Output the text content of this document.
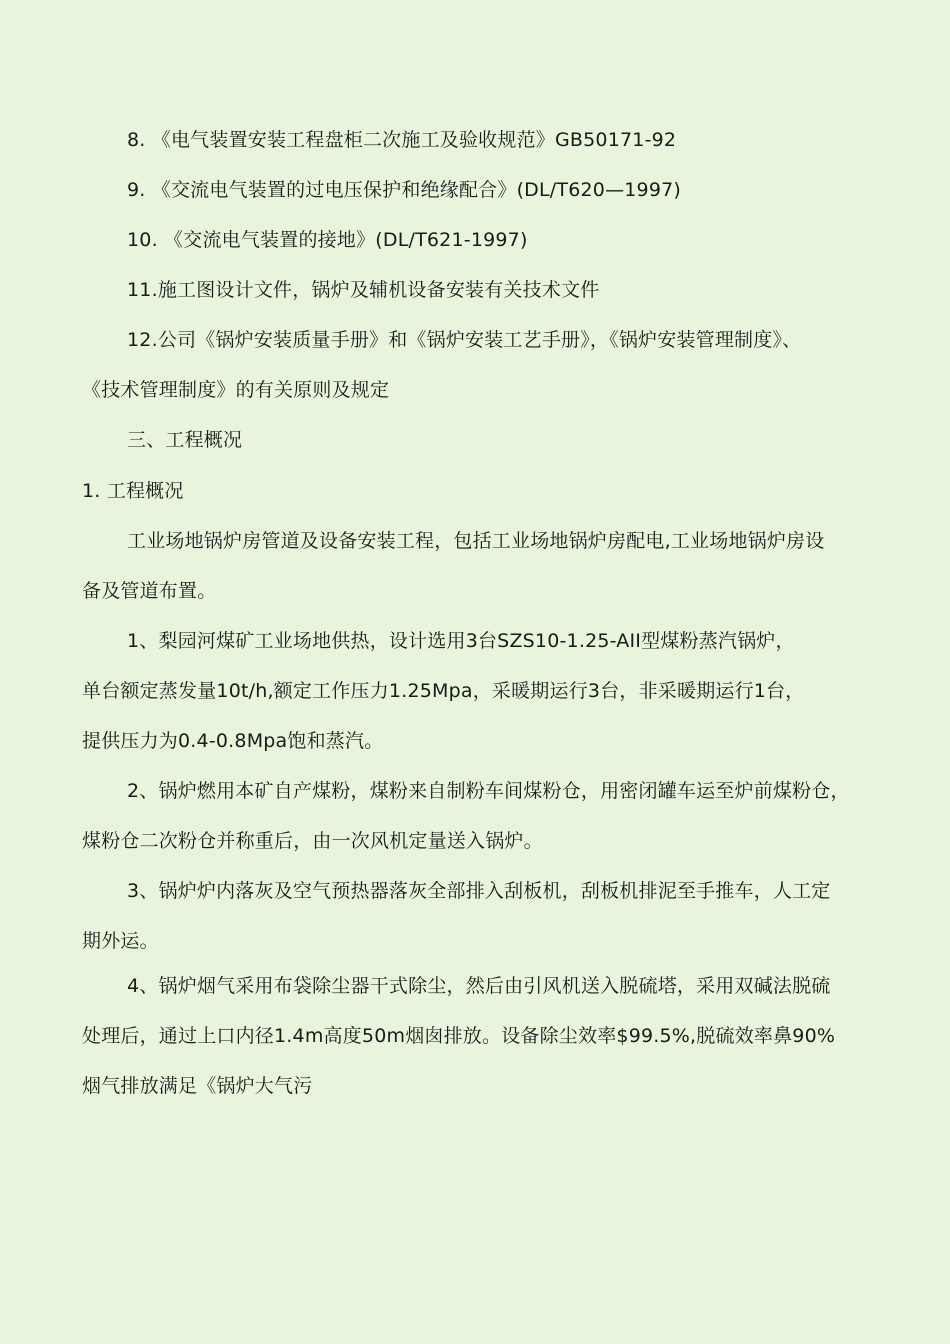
8. 《电气装置安装工程盘柜二次施工及验收规范》GB50171-92
9. 《交流电气装置的过电压保护和绝缘配合》(DL/T620—1997)
10. 《交流电气装置的接地》(DL/T621-1997)
11.施工图设计文件，锅炉及辅机设备安装有关技术文件
12.公司《锅炉安装质量手册》和《锅炉安装工艺手册》，《锅炉安装管理制度》、
《技术管理制度》的有关原则及规定
三、工程概况
1. 工程概况
工业场地锅炉房管道及设备安装工程，包括工业场地锅炉房配电,工业场地锅炉房设
备及管道布置。
1、梨园河煤矿工业场地供热，设计选用3台SZS10-1.25-AII型煤粉蒸汽锅炉，
单台额定蒸发量10t/h,额定工作压力1.25Mpa，采暖期运行3台，非采暖期运行1台，
提供压力为0.4-0.8Mpa饱和蒸汽。
2、锅炉燃用本矿自产煤粉，煤粉来自制粉车间煤粉仓，用密闭罐车运至炉前煤粉仓，
煤粉仓二次粉仓并称重后，由一次风机定量送入锅炉。
3、锅炉炉内落灰及空气预热器落灰全部排入刮板机，刮板机排泥至手推车，人工定
期外运。
4、锅炉烟气采用布袋除尘器干式除尘，然后由引风机送入脱硫塔，采用双碱法脱硫
处理后，通过上口内径1.4m高度50m烟囱排放。设备除尘效率$99.5%,脱硫效率鼻90%
烟气排放满足《锅炉大气污
